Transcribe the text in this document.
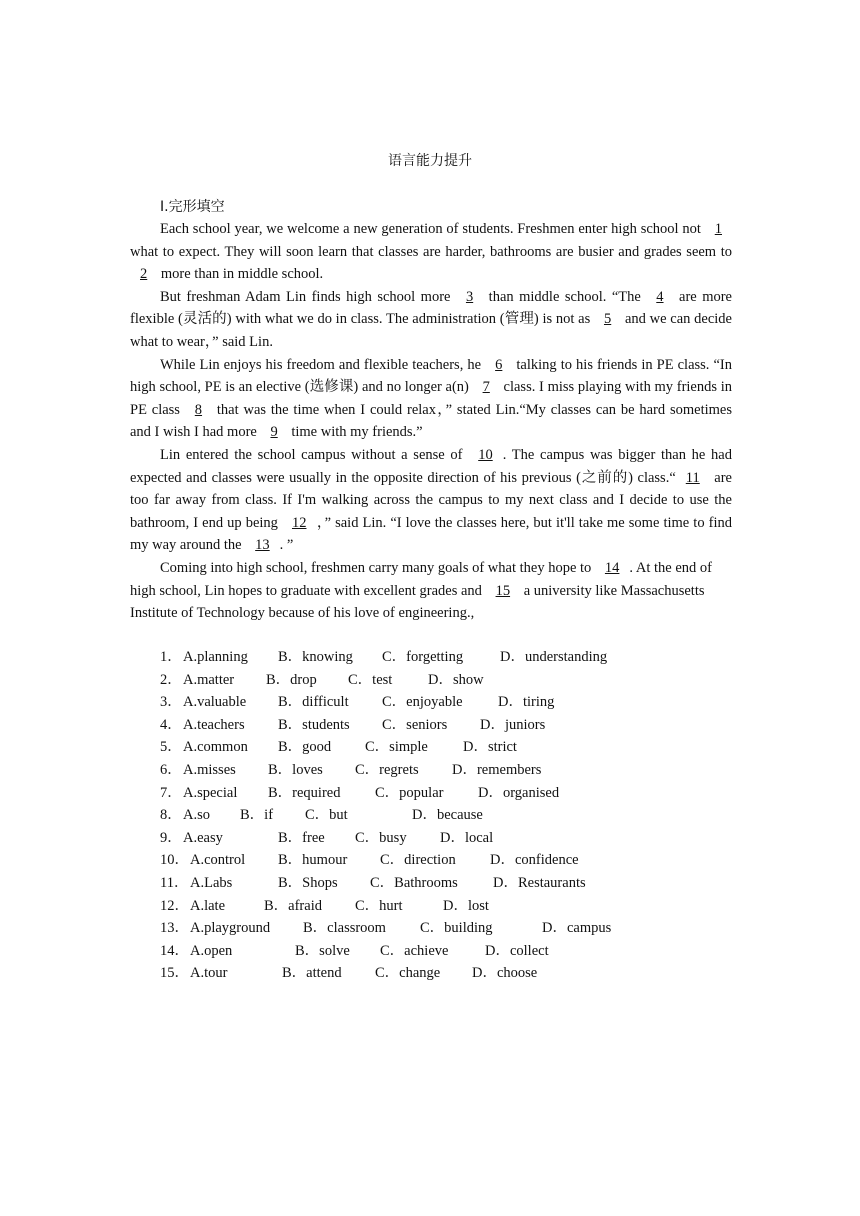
语言能力提升
Ⅰ.完形填空

Each school year, we welcome a new generation of students. Freshmen enter high school not 1 what to expect. They will soon learn that classes are harder, bathrooms are busier and grades seem to 2 more than in middle school.

But freshman Adam Lin finds high school more 3 than middle school. “The 4 are more flexible (灵活的) with what we do in class. The administration (管理) is not as 5 and we can decide what to wear，” said Lin.

While Lin enjoys his freedom and flexible teachers, he 6 talking to his friends in PE class. “In high school, PE is an elective (选修课) and no longer a(n) 7 class. I miss playing with my friends in PE class 8 that was the time when I could relax，” stated Lin.“My classes can be hard sometimes and I wish I had more 9 time with my friends.”

Lin entered the school campus without a sense of 10 . The campus was bigger than he had expected and classes were usually in the opposite direction of his previous (之前的) class.“ 11 are too far away from class. If I'm walking across the campus to my next class and I decide to use the bathroom, I end up being 12 ，” said Lin. “I love the classes here, but it'll take me some time to find my way around the 13 . ”

Coming into high school, freshmen carry many goals of what they hope to 14 . At the end of high school, Lin hopes to graduate with excellent grades and 15 a university like Massachusetts Institute of Technology because of his love of engineering.,

1． A.planning B．knowing C．forgetting	D．understanding
2． A.matter B．drop C．test D．show
3． A.valuable B．difficult C．enjoyable D．tiring
4． A.teachers B．students C．seniors D．juniors
5． A.common B．good C．simple D．strict
6． A.misses B．loves C．regrets D．remembers
7． A.special B．required C．popular D．organised
8． A.so B．if C．but	D．because
9． A.easy	B．free C．busy D．local
10． A.control B．humour C．direction D．confidence
11． A.Labs	B．Shops C．Bathrooms D．Restaurants
12． A.late	B．afraid C．hurt	D．lost
13． A.playground B．classroom C．building	D．campus
14． A.open	B．solve C．achieve	D．collect
15． A.tour	B．attend C．change D．choose
